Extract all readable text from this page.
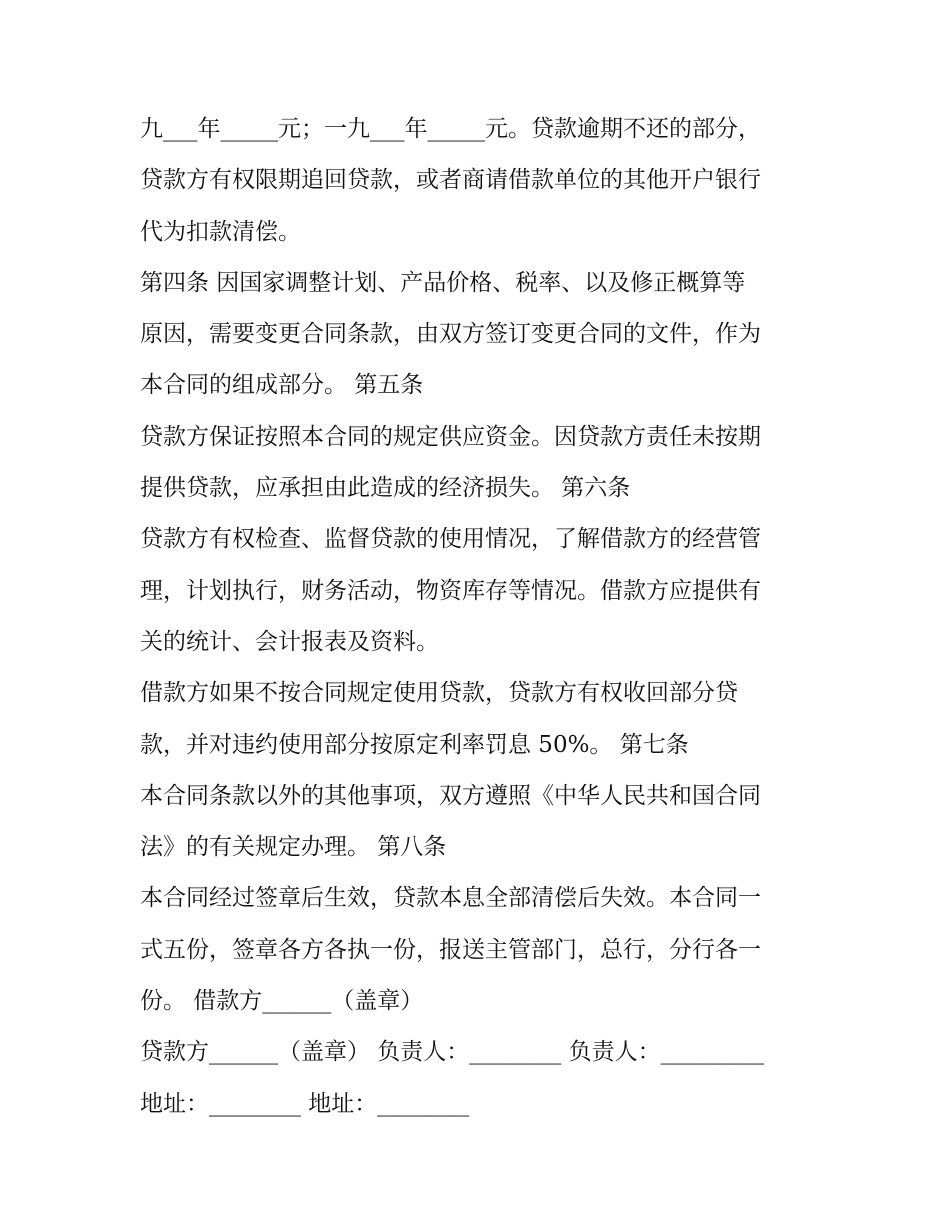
九___年_____元；一九___年_____元。贷款逾期不还的部分，
贷款方有权限期追回贷款，或者商请借款单位的其他开户银行
代为扣款清偿。
第四条 因国家调整计划、产品价格、税率、以及修正概算等
原因，需要变更合同条款，由双方签订变更合同的文件，作为
本合同的组成部分。 第五条
贷款方保证按照本合同的规定供应资金。因贷款方责任未按期
提供贷款，应承担由此造成的经济损失。 第六条
贷款方有权检查、监督贷款的使用情况，了解借款方的经营管
理，计划执行，财务活动，物资库存等情况。借款方应提供有
关的统计、会计报表及资料。
借款方如果不按合同规定使用贷款，贷款方有权收回部分贷
款，并对违约使用部分按原定利率罚息 50%。 第七条
本合同条款以外的其他事项，双方遵照《中华人民共和国合同
法》的有关规定办理。 第八条
本合同经过签章后生效，贷款本息全部清偿后失效。本合同一
式五份，签章各方各执一份，报送主管部门，总行，分行各一
份。 借款方______（盖章）
贷款方______（盖章） 负责人：________ 负责人：_________
地址：________ 地址：________
